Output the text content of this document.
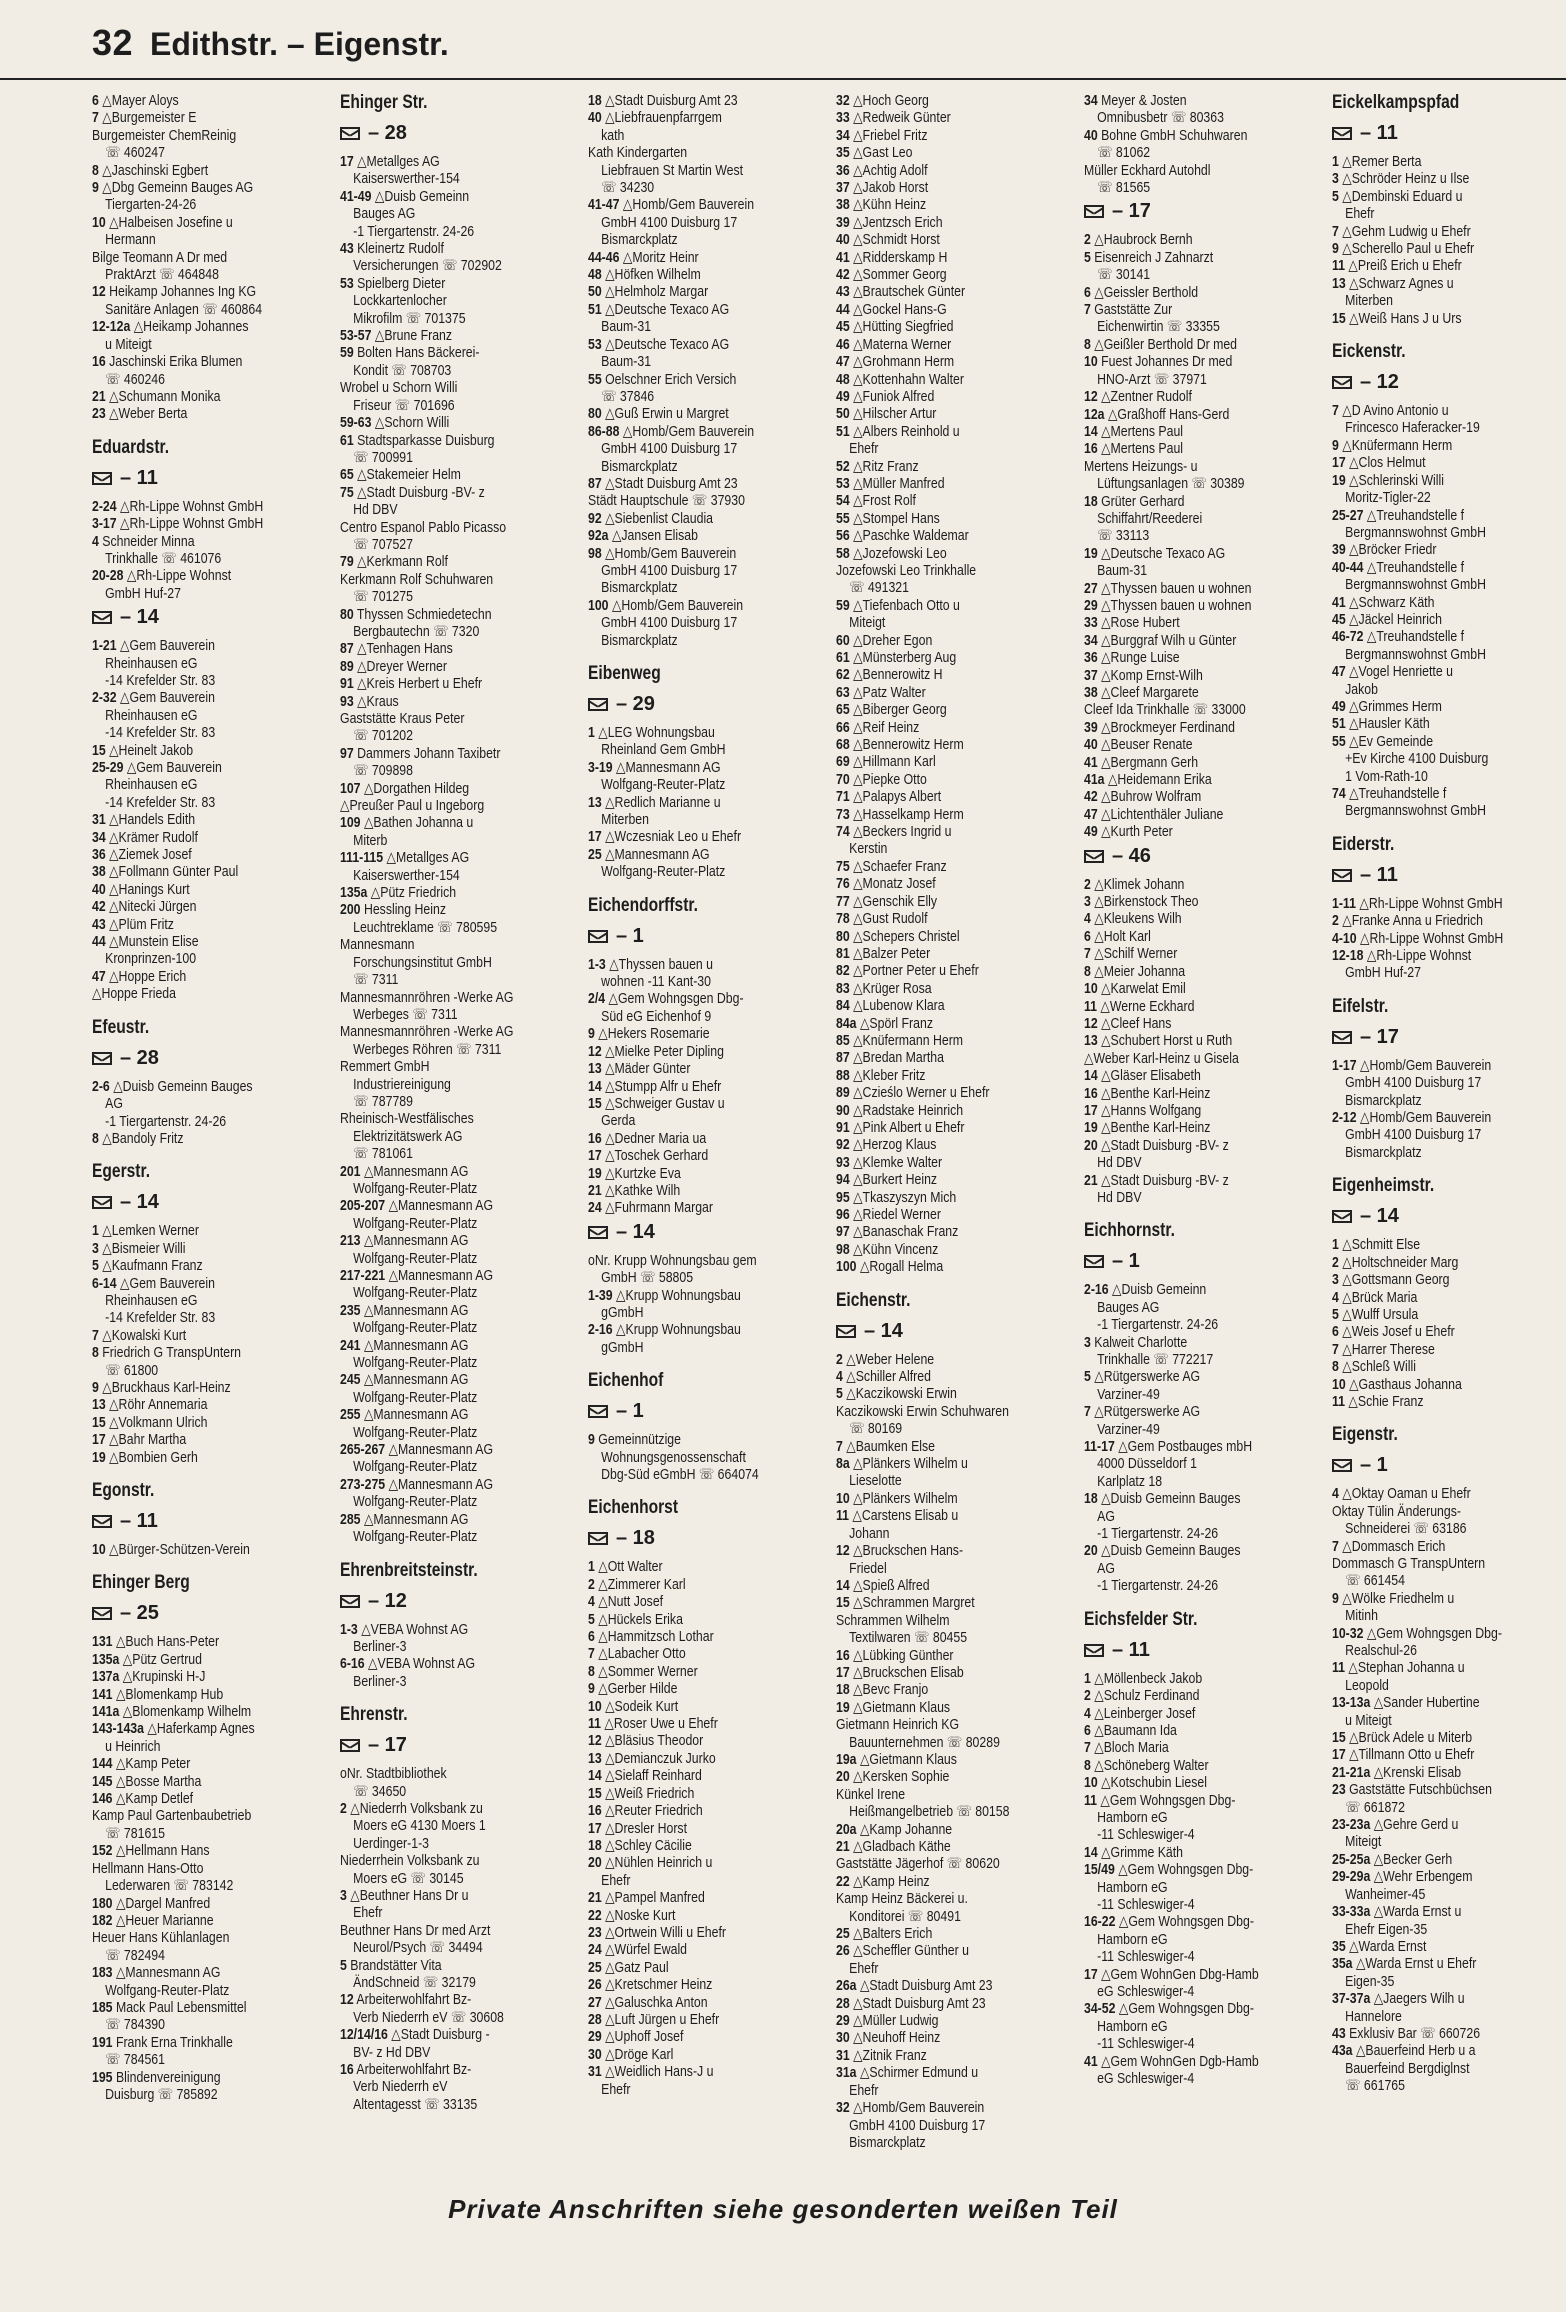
32 Edithstr. – Eigenstr.
6 △Mayer Aloys
7 △Burgemeister E
Burgemeister ChemReinig
☏ 460247
8 △Jaschinski Egbert
9 △Dbg Gemeinn Bauges AG
Tiergarten-24-26
10 △Halbeisen Josefine u
Hermann
Bilge Teomann A Dr med
PraktArzt ☏ 464848
12 Heikamp Johannes Ing KG
Sanitäre Anlagen ☏ 460864
12-12a △Heikamp Johannes
u Miteigt
16 Jaschinski Erika Blumen
☏ 460246
21 △Schumann Monika
23 △Weber Berta
Eduardstr.
– 11
2-24 △Rh-Lippe Wohnst GmbH
3-17 △Rh-Lippe Wohnst GmbH
4 Schneider Minna
Trinkhalle ☏ 461076
20-28 △Rh-Lippe Wohnst
GmbH Huf-27
– 14
1-21 △Gem Bauverein
Rheinhausen eG
-14 Krefelder Str. 83
2-32 △Gem Bauverein
Rheinhausen eG
-14 Krefelder Str. 83
15 △Heinelt Jakob
25-29 △Gem Bauverein
Rheinhausen eG
-14 Krefelder Str. 83
31 △Handels Edith
34 △Krämer Rudolf
36 △Ziemek Josef
38 △Follmann Günter Paul
40 △Hanings Kurt
42 △Nitecki Jürgen
43 △Plüm Fritz
44 △Munstein Elise
Kronprinzen-100
47 △Hoppe Erich
△Hoppe Frieda
Efeustr.
– 28
2-6 △Duisb Gemeinn Bauges
AG
-1 Tiergartenstr. 24-26
8 △Bandoly Fritz
Egerstr.
– 14
1 △Lemken Werner
3 △Bismeier Willi
5 △Kaufmann Franz
6-14 △Gem Bauverein
Rheinhausen eG
-14 Krefelder Str. 83
7 △Kowalski Kurt
8 Friedrich G TranspUntern
☏ 61800
9 △Bruckhaus Karl-Heinz
13 △Röhr Annemaria
15 △Volkmann Ulrich
17 △Bahr Martha
19 △Bombien Gerh
Egonstr.
– 11
10 △Bürger-Schützen-Verein
Ehinger Berg
– 25
131 △Buch Hans-Peter
135a △Pütz Gertrud
137a △Krupinski H-J
141 △Blomenkamp Hub
141a △Blomenkamp Wilhelm
143-143a △Haferkamp Agnes
u Heinrich
144 △Kamp Peter
145 △Bosse Martha
146 △Kamp Detlef
Kamp Paul Gartenbaubetrieb
☏ 781615
152 △Hellmann Hans
Hellmann Hans-Otto
Lederwaren ☏ 783142
180 △Dargel Manfred
182 △Heuer Marianne
Heuer Hans Kühlanlagen
☏ 782494
183 △Mannesmann AG
Wolfgang-Reuter-Platz
185 Mack Paul Lebensmittel
☏ 784390
191 Frank Erna Trinkhalle
☏ 784561
195 Blindenvereinigung
Duisburg ☏ 785892
Ehinger Str.
– 28
17 △Metallges AG
Kaiserswerther-154
41-49 △Duisb Gemeinn
Bauges AG
-1 Tiergartenstr. 24-26
43 Kleinertz Rudolf
Versicherungen ☏ 702902
53 Spielberg Dieter
Lockkartenlocher
Mikrofilm ☏ 701375
53-57 △Brune Franz
59 Bolten Hans Bäckerei-
Kondit ☏ 708703
Wrobel u Schorn Willi
Friseur ☏ 701696
59-63 △Schorn Willi
61 Stadtsparkasse Duisburg
☏ 700991
65 △Stakemeier Helm
75 △Stadt Duisburg -BV- z
Hd DBV
Centro Espanol Pablo Picasso
☏ 707527
79 △Kerkmann Rolf
Kerkmann Rolf Schuhwaren
☏ 701275
80 Thyssen Schmiedetechn
Bergbautechn ☏ 7320
87 △Tenhagen Hans
89 △Dreyer Werner
91 △Kreis Herbert u Ehefr
93 △Kraus
Gaststätte Kraus Peter
☏ 701202
97 Dammers Johann Taxibetr
☏ 709898
107 △Dorgathen Hildeg
△Preußer Paul u Ingeborg
109 △Bathen Johanna u
Miterb
111-115 △Metallges AG
Kaiserswerther-154
135a △Pütz Friedrich
200 Hessling Heinz
Leuchtreklame ☏ 780595
Mannesmann
Forschungsinstitut GmbH
☏ 7311
Mannesmannröhren -Werke AG
Werbeges ☏ 7311
Mannesmannröhren -Werke AG
Werbeges Röhren ☏ 7311
Remmert GmbH
Industriereinigung
☏ 787789
Rheinisch-Westfälisches
Elektrizitätswerk AG
☏ 781061
201 △Mannesmann AG
Wolfgang-Reuter-Platz
205-207 △Mannesmann AG
Wolfgang-Reuter-Platz
213 △Mannesmann AG
Wolfgang-Reuter-Platz
217-221 △Mannesmann AG
Wolfgang-Reuter-Platz
235 △Mannesmann AG
Wolfgang-Reuter-Platz
241 △Mannesmann AG
Wolfgang-Reuter-Platz
245 △Mannesmann AG
Wolfgang-Reuter-Platz
255 △Mannesmann AG
Wolfgang-Reuter-Platz
265-267 △Mannesmann AG
Wolfgang-Reuter-Platz
273-275 △Mannesmann AG
Wolfgang-Reuter-Platz
285 △Mannesmann AG
Wolfgang-Reuter-Platz
Ehrenbreitsteinstr.
– 12
1-3 △VEBA Wohnst AG
Berliner-3
6-16 △VEBA Wohnst AG
Berliner-3
Ehrenstr.
– 17
oNr. Stadtbibliothek
☏ 34650
2 △Niederrh Volksbank zu
Moers eG 4130 Moers 1
Uerdinger-1-3
Niederrhein Volksbank zu
Moers eG ☏ 30145
3 △Beuthner Hans Dr u
Ehefr
Beuthner Hans Dr med Arzt
Neurol/Psych ☏ 34494
5 Brandstätter Vita
ÄndSchneid ☏ 32179
12 Arbeiterwohlfahrt Bz-
Verb Niederrh eV ☏ 30608
12/14/16 △Stadt Duisburg -
BV- z Hd DBV
16 Arbeiterwohlfahrt Bz-
Verb Niederrh eV
Altentagesst ☏ 33135
18 △Stadt Duisburg Amt 23
40 △Liebfrauenpfarrgem
kath
Kath Kindergarten
Liebfrauen St Martin West
☏ 34230
41-47 △Homb/Gem Bauverein
GmbH 4100 Duisburg 17
Bismarckplatz
44-46 △Moritz Heinr
48 △Höfken Wilhelm
50 △Helmholz Margar
51 △Deutsche Texaco AG
Baum-31
53 △Deutsche Texaco AG
Baum-31
55 Oelschner Erich Versich
☏ 37846
80 △Guß Erwin u Margret
86-88 △Homb/Gem Bauverein
GmbH 4100 Duisburg 17
Bismarckplatz
87 △Stadt Duisburg Amt 23
Städt Hauptschule ☏ 37930
92 △Siebenlist Claudia
92a △Jansen Elisab
98 △Homb/Gem Bauverein
GmbH 4100 Duisburg 17
Bismarckplatz
100 △Homb/Gem Bauverein
GmbH 4100 Duisburg 17
Bismarckplatz
Eibenweg
– 29
1 △LEG Wohnungsbau
Rheinland Gem GmbH
3-19 △Mannesmann AG
Wolfgang-Reuter-Platz
13 △Redlich Marianne u
Miterben
17 △Wczesniak Leo u Ehefr
25 △Mannesmann AG
Wolfgang-Reuter-Platz
Eichendorffstr.
– 1
1-3 △Thyssen bauen u
wohnen -11 Kant-30
2/4 △Gem Wohngsgen Dbg-
Süd eG Eichenhof 9
9 △Hekers Rosemarie
12 △Mielke Peter Dipling
13 △Mäder Günter
14 △Stumpp Alfr u Ehefr
15 △Schweiger Gustav u
Gerda
16 △Dedner Maria ua
17 △Toschek Gerhard
19 △Kurtzke Eva
21 △Kathke Wilh
24 △Fuhrmann Margar
– 14
oNr. Krupp Wohnungsbau gem
GmbH ☏ 58805
1-39 △Krupp Wohnungsbau
gGmbH
2-16 △Krupp Wohnungsbau
gGmbH
Eichenhof
– 1
9 Gemeinnützige
Wohnungsgenossenschaft
Dbg-Süd eGmbH ☏ 664074
Eichenhorst
– 18
1 △Ott Walter
2 △Zimmerer Karl
4 △Nutt Josef
5 △Hückels Erika
6 △Hammitzsch Lothar
7 △Labacher Otto
8 △Sommer Werner
9 △Gerber Hilde
10 △Sodeik Kurt
11 △Roser Uwe u Ehefr
12 △Bläsius Theodor
13 △Demianczuk Jurko
14 △Sielaff Reinhard
15 △Weiß Friedrich
16 △Reuter Friedrich
17 △Dresler Horst
18 △Schley Cäcilie
20 △Nühlen Heinrich u
Ehefr
21 △Pampel Manfred
22 △Noske Kurt
23 △Ortwein Willi u Ehefr
24 △Würfel Ewald
25 △Gatz Paul
26 △Kretschmer Heinz
27 △Galuschka Anton
28 △Luft Jürgen u Ehefr
29 △Uphoff Josef
30 △Dröge Karl
31 △Weidlich Hans-J u
Ehefr
32 △Hoch Georg
33 △Redweik Günter
34 △Friebel Fritz
35 △Gast Leo
36 △Achtig Adolf
37 △Jakob Horst
38 △Kühn Heinz
39 △Jentzsch Erich
40 △Schmidt Horst
41 △Ridderskamp H
42 △Sommer Georg
43 △Brautschek Günter
44 △Gockel Hans-G
45 △Hütting Siegfried
46 △Materna Werner
47 △Grohmann Herm
48 △Kottenhahn Walter
49 △Funiok Alfred
50 △Hilscher Artur
51 △Albers Reinhold u
Ehefr
52 △Ritz Franz
53 △Müller Manfred
54 △Frost Rolf
55 △Stompel Hans
56 △Paschke Waldemar
58 △Jozefowski Leo
Jozefowski Leo Trinkhalle
☏ 491321
59 △Tiefenbach Otto u
Miteigt
60 △Dreher Egon
61 △Münsterberg Aug
62 △Bennerowitz H
63 △Patz Walter
65 △Biberger Georg
66 △Reif Heinz
68 △Bennerowitz Herm
69 △Hillmann Karl
70 △Piepke Otto
71 △Palapys Albert
73 △Hasselkamp Herm
74 △Beckers Ingrid u
Kerstin
75 △Schaefer Franz
76 △Monatz Josef
77 △Genschik Elly
78 △Gust Rudolf
80 △Schepers Christel
81 △Balzer Peter
82 △Portner Peter u Ehefr
83 △Krüger Rosa
84 △Lubenow Klara
84a △Spörl Franz
85 △Knüfermann Herm
87 △Bredan Martha
88 △Kleber Fritz
89 △Czieślo Werner u Ehefr
90 △Radstake Heinrich
91 △Pink Albert u Ehefr
92 △Herzog Klaus
93 △Klemke Walter
94 △Burkert Heinz
95 △Tkaszyszyn Mich
96 △Riedel Werner
97 △Banaschak Franz
98 △Kühn Vincenz
100 △Rogall Helma
Eichenstr.
– 14
2 △Weber Helene
4 △Schiller Alfred
5 △Kaczikowski Erwin
Kaczikowski Erwin Schuhwaren
☏ 80169
7 △Baumken Else
8a △Plänkers Wilhelm u
Lieselotte
10 △Plänkers Wilhelm
11 △Carstens Elisab u
Johann
12 △Bruckschen Hans-
Friedel
14 △Spieß Alfred
15 △Schrammen Margret
Schrammen Wilhelm
Textilwaren ☏ 80455
16 △Lübking Günther
17 △Bruckschen Elisab
18 △Bevc Franjo
19 △Gietmann Klaus
Gietmann Heinrich KG
Bauunternehmen ☏ 80289
19a △Gietmann Klaus
20 △Kersken Sophie
Künkel Irene
Heißmangelbetrieb ☏ 80158
20a △Kamp Johanne
21 △Gladbach Käthe
Gaststätte Jägerhof ☏ 80620
22 △Kamp Heinz
Kamp Heinz Bäckerei u.
Konditorei ☏ 80491
25 △Balters Erich
26 △Scheffler Günther u
Ehefr
26a △Stadt Duisburg Amt 23
28 △Stadt Duisburg Amt 23
29 △Müller Ludwig
30 △Neuhoff Heinz
31 △Zitnik Franz
31a △Schirmer Edmund u
Ehefr
32 △Homb/Gem Bauverein
GmbH 4100 Duisburg 17
Bismarckplatz
34 Meyer & Josten
Omnibusbetr ☏ 80363
40 Bohne GmbH Schuhwaren
☏ 81062
Müller Eckhard Autohdl
☏ 81565
– 17
2 △Haubrock Bernh
5 Eisenreich J Zahnarzt
☏ 30141
6 △Geissler Berthold
7 Gaststätte Zur
Eichenwirtin ☏ 33355
8 △Geißler Berthold Dr med
10 Fuest Johannes Dr med
HNO-Arzt ☏ 37971
12 △Zentner Rudolf
12a △Graßhoff Hans-Gerd
14 △Mertens Paul
16 △Mertens Paul
Mertens Heizungs- u
Lüftungsanlagen ☏ 30389
18 Grüter Gerhard
Schiffahrt/Reederei
☏ 33113
19 △Deutsche Texaco AG
Baum-31
27 △Thyssen bauen u wohnen
29 △Thyssen bauen u wohnen
33 △Rose Hubert
34 △Burggraf Wilh u Günter
36 △Runge Luise
37 △Komp Ernst-Wilh
38 △Cleef Margarete
Cleef Ida Trinkhalle ☏ 33000
39 △Brockmeyer Ferdinand
40 △Beuser Renate
41 △Bergmann Gerh
41a △Heidemann Erika
42 △Buhrow Wolfram
47 △Lichtenthäler Juliane
49 △Kurth Peter
– 46
2 △Klimek Johann
3 △Birkenstock Theo
4 △Kleukens Wilh
6 △Holt Karl
7 △Schilf Werner
8 △Meier Johanna
10 △Karwelat Emil
11 △Werne Eckhard
12 △Cleef Hans
13 △Schubert Horst u Ruth
△Weber Karl-Heinz u Gisela
14 △Gläser Elisabeth
16 △Benthe Karl-Heinz
17 △Hanns Wolfgang
19 △Benthe Karl-Heinz
20 △Stadt Duisburg -BV- z
Hd DBV
21 △Stadt Duisburg -BV- z
Hd DBV
Eichhornstr.
– 1
2-16 △Duisb Gemeinn
Bauges AG
-1 Tiergartenstr. 24-26
3 Kalweit Charlotte
Trinkhalle ☏ 772217
5 △Rütgerswerke AG
Varziner-49
7 △Rütgerswerke AG
Varziner-49
11-17 △Gem Postbauges mbH
4000 Düsseldorf 1
Karlplatz 18
18 △Duisb Gemeinn Bauges
AG
-1 Tiergartenstr. 24-26
20 △Duisb Gemeinn Bauges
AG
-1 Tiergartenstr. 24-26
Eichsfelder Str.
– 11
1 △Möllenbeck Jakob
2 △Schulz Ferdinand
4 △Leinberger Josef
6 △Baumann Ida
7 △Bloch Maria
8 △Schöneberg Walter
10 △Kotschubin Liesel
11 △Gem Wohngsgen Dbg-
Hamborn eG
-11 Schleswiger-4
14 △Grimme Käth
15/49 △Gem Wohngsgen Dbg-
Hamborn eG
-11 Schleswiger-4
16-22 △Gem Wohngsgen Dbg-
Hamborn eG
-11 Schleswiger-4
17 △Gem WohnGen Dbg-Hamb
eG Schleswiger-4
34-52 △Gem Wohngsgen Dbg-
Hamborn eG
-11 Schleswiger-4
41 △Gem WohnGen Dgb-Hamb
eG Schleswiger-4
Eickelkampspfad
– 11
1 △Remer Berta
3 △Schröder Heinz u Ilse
5 △Dembinski Eduard u
Ehefr
7 △Gehm Ludwig u Ehefr
9 △Scherello Paul u Ehefr
11 △Preiß Erich u Ehefr
13 △Schwarz Agnes u
Miterben
15 △Weiß Hans J u Urs
Eickenstr.
– 12
7 △D Avino Antonio u
Frincesco Haferacker-19
9 △Knüfermann Herm
17 △Clos Helmut
19 △Schlerinski Willi
Moritz-Tigler-22
25-27 △Treuhandstelle f
Bergmannswohnst GmbH
39 △Bröcker Friedr
40-44 △Treuhandstelle f
Bergmannswohnst GmbH
41 △Schwarz Käth
45 △Jäckel Heinrich
46-72 △Treuhandstelle f
Bergmannswohnst GmbH
47 △Vogel Henriette u
Jakob
49 △Grimmes Herm
51 △Hausler Käth
55 △Ev Gemeinde
+Ev Kirche 4100 Duisburg
1 Vom-Rath-10
74 △Treuhandstelle f
Bergmannswohnst GmbH
Eiderstr.
– 11
1-11 △Rh-Lippe Wohnst GmbH
2 △Franke Anna u Friedrich
4-10 △Rh-Lippe Wohnst GmbH
12-18 △Rh-Lippe Wohnst
GmbH Huf-27
Eifelstr.
– 17
1-17 △Homb/Gem Bauverein
GmbH 4100 Duisburg 17
Bismarckplatz
2-12 △Homb/Gem Bauverein
GmbH 4100 Duisburg 17
Bismarckplatz
Eigenheimstr.
– 14
1 △Schmitt Else
2 △Holtschneider Marg
3 △Gottsmann Georg
4 △Brück Maria
5 △Wulff Ursula
6 △Weis Josef u Ehefr
7 △Harrer Therese
8 △Schleß Willi
10 △Gasthaus Johanna
11 △Schie Franz
Eigenstr.
– 1
4 △Oktay Oaman u Ehefr
Oktay Tülin Änderungs-
Schneiderei ☏ 63186
7 △Dommasch Erich
Dommasch G TranspUntern
☏ 661454
9 △Wölke Friedhelm u
Mitinh
10-32 △Gem Wohngsgen Dbg-
Realschul-26
11 △Stephan Johanna u
Leopold
13-13a △Sander Hubertine
u Miteigt
15 △Brück Adele u Miterb
17 △Tillmann Otto u Ehefr
21-21a △Krenski Elisab
23 Gaststätte Futschbüchsen
☏ 661872
23-23a △Gehre Gerd u
Miteigt
25-25a △Becker Gerh
29-29a △Wehr Erbengem
Wanheimer-45
33-33a △Warda Ernst u
Ehefr Eigen-35
35 △Warda Ernst
35a △Warda Ernst u Ehefr
Eigen-35
37-37a △Jaegers Wilh u
Hannelore
43 Exklusiv Bar ☏ 660726
43a △Bauerfeind Herb u a
Bauerfeind Bergdiglnst
☏ 661765
Private Anschriften siehe gesonderten weißen Teil
